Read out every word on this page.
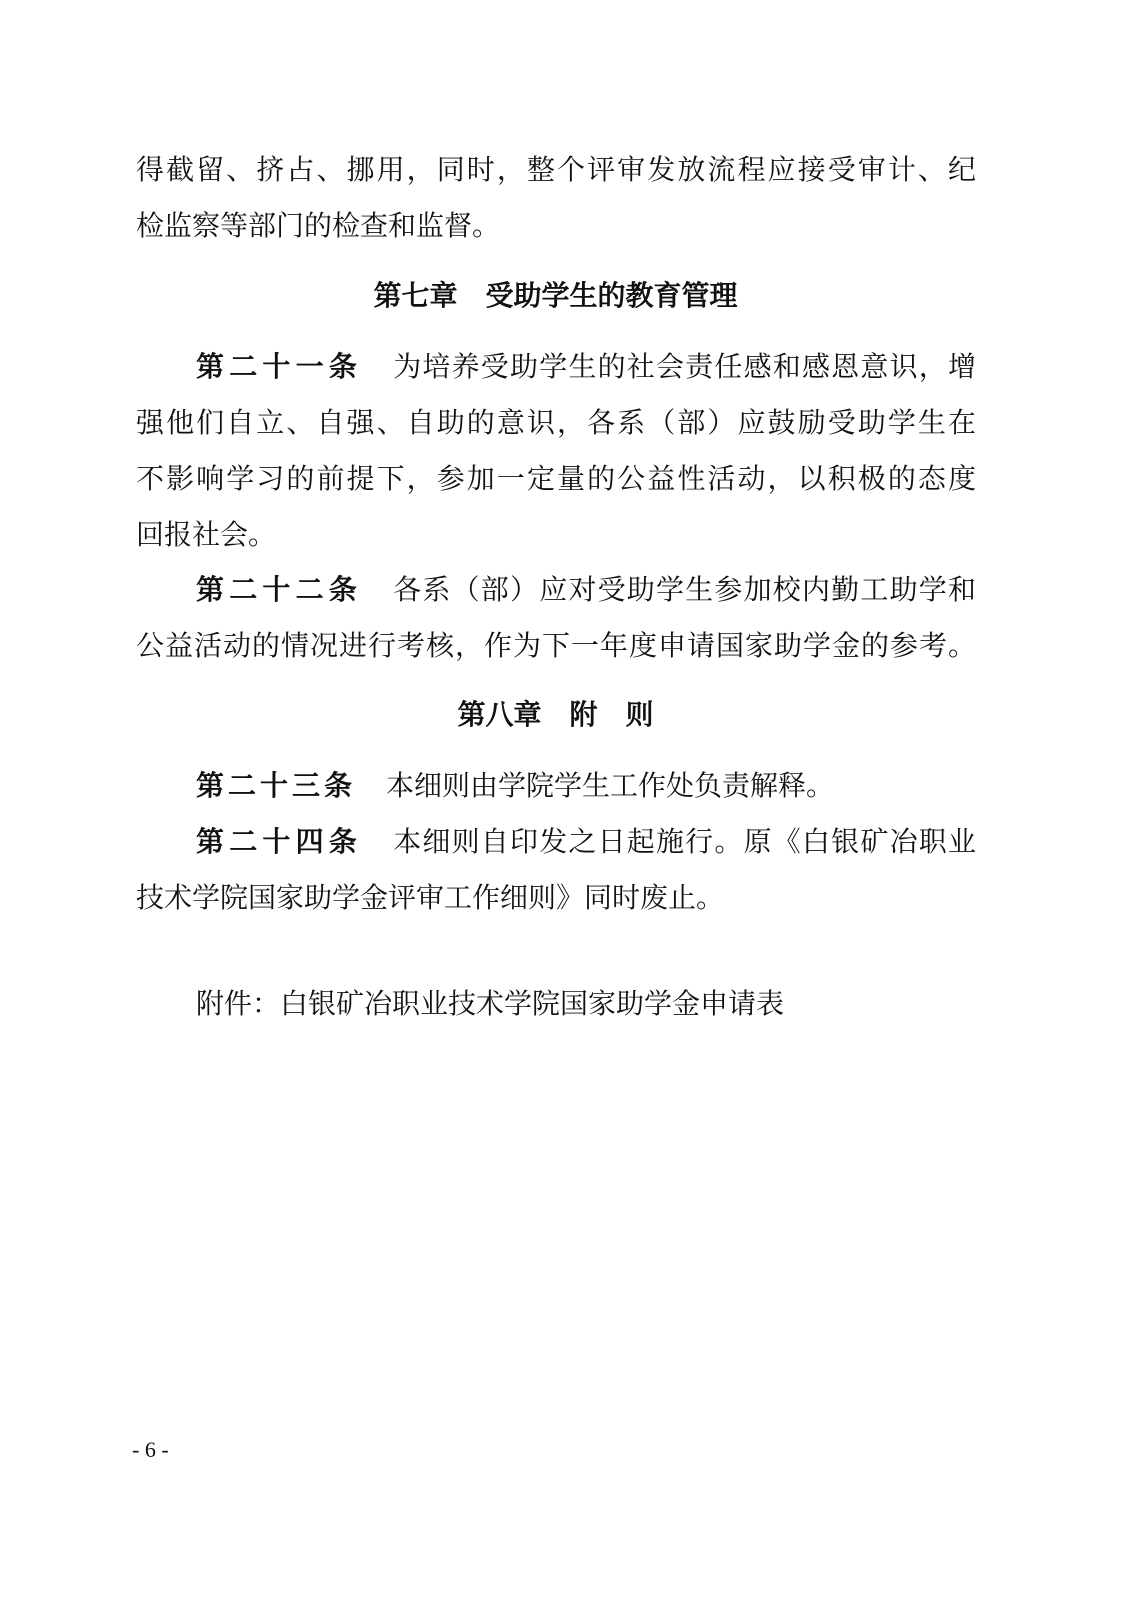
得截留、挤占、挪用，同时，整个评审发放流程应接受审计、纪
检监察等部门的检查和监督。
第七章　受助学生的教育管理
第二十一条 为培养受助学生的社会责任感和感恩意识，增
强他们自立、自强、自助的意识，各系（部）应鼓励受助学生在
不影响学习的前提下，参加一定量的公益性活动，以积极的态度
回报社会。
第二十二条 各系（部）应对受助学生参加校内勤工助学和
公益活动的情况进行考核，作为下一年度申请国家助学金的参考。
第八章　附　则
第二十三条 本细则由学院学生工作处负责解释。
第二十四条 本细则自印发之日起施行。原《白银矿冶职业
技术学院国家助学金评审工作细则》同时废止。
附件：白银矿冶职业技术学院国家助学金申请表
- 6 -
